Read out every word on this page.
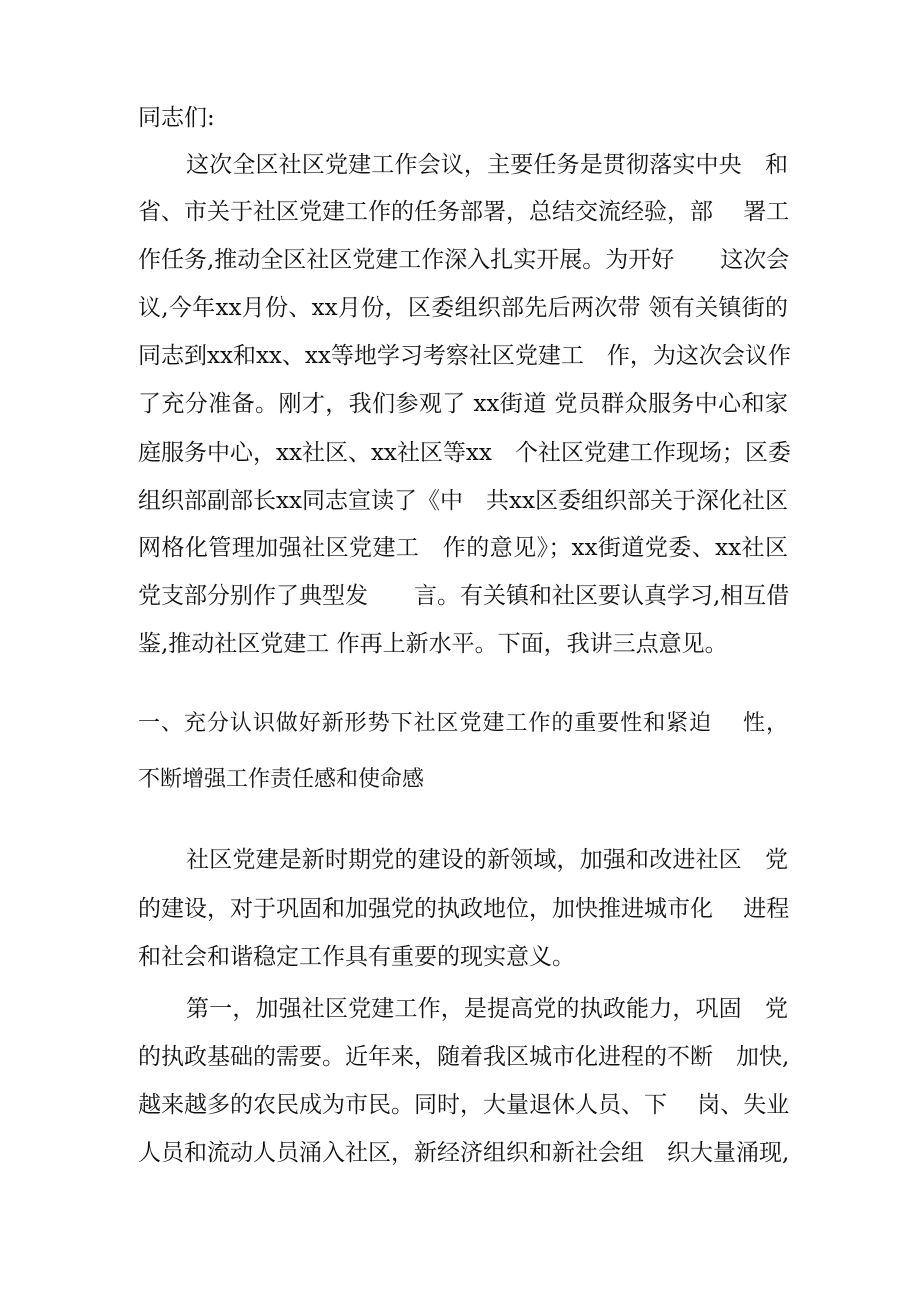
同志们:
这次全区社区党建工作会议，主要任务是贯彻落实中央　和
省、市关于社区党建工作的任务部署，总结交流经验，部　 署工
作任务,推动全区社区党建工作深入扎实开展。为开好　　这次会
议,今年xx月份、xx月份，区委组织部先后两次带 领有关镇街的
同志到xx和xx、xx等地学习考察社区党建工　作，为这次会议作
了充分准备。刚才，我们参观了 xx街道 党员群众服务中心和家
庭服务中心，xx社区、xx社区等xx　个社区党建工作现场；区委
组织部副部长xx同志宣读了《中　共xx区委组织部关于深化社区
网格化管理加强社区党建工　作的意见》；xx街道党委、xx社区
党支部分别作了典型发　　言。有关镇和社区要认真学习,相互借
鉴,推动社区党建工 作再上新水平。下面，我讲三点意见。
一、充分认识做好新形势下社区党建工作的重要性和紧迫　 性，
不断增强工作责任感和使命感
社区党建是新时期党的建设的新领域，加强和改进社区　党
的建设，对于巩固和加强党的执政地位，加快推进城市化　 进程
和社会和谐稳定工作具有重要的现实意义。
第一，加强社区党建工作，是提高党的执政能力，巩固　党
的执政基础的需要。近年来，随着我区城市化进程的不断　加快,
越来越多的农民成为市民。同时，大量退休人员、下　 岗、失业
人员和流动人员涌入社区，新经济组织和新社会组　织大量涌现,
